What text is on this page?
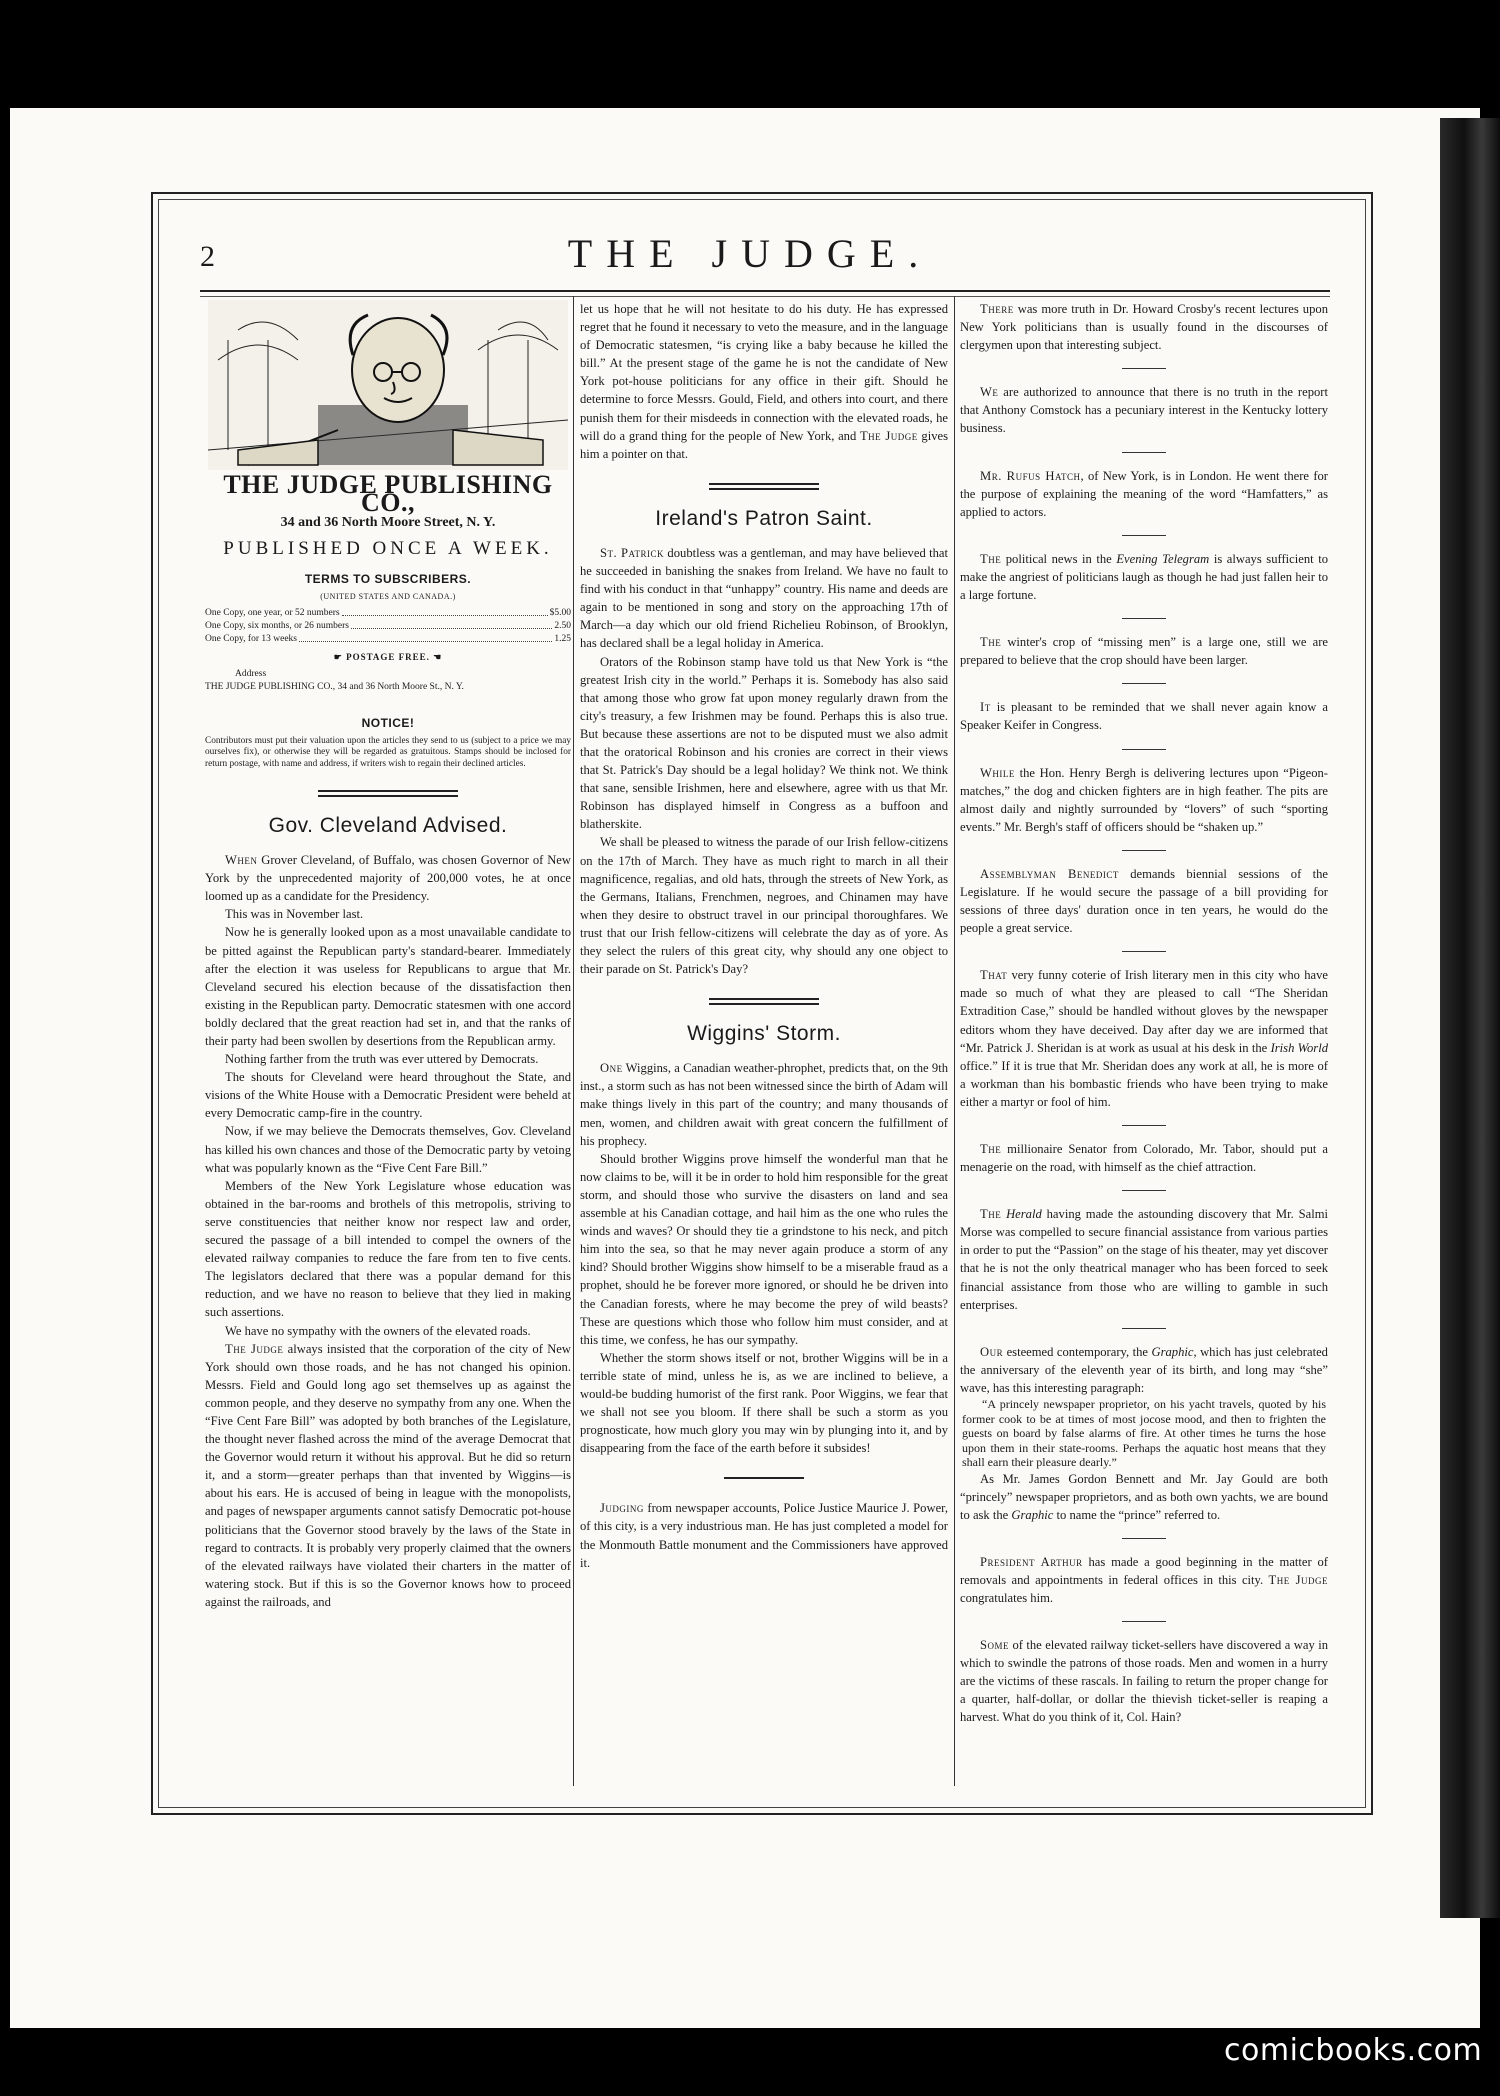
2	THE JUDGE.
THE JUDGE PUBLISHING CO.,
34 and 36 North Moore Street, N. Y.
PUBLISHED ONCE A WEEK.
TERMS TO SUBSCRIBERS.
(UNITED STATES AND CANADA.)
One Copy, one year, or 52 numbers	$5.00
One Copy, six months, or 26 numbers	2.50
One Copy, for 13 weeks	1.25
☛ POSTAGE FREE. ☚
Address
THE JUDGE PUBLISHING CO., 34 and 36 North Moore St., N. Y.
NOTICE!
Contributors must put their valuation upon the articles they send to us (subject to a price we may ourselves fix), or otherwise they will be regarded as gratuitous. Stamps should be inclosed for return postage, with name and address, if writers wish to regain their declined articles.
Gov. Cleveland Advised.

When Grover Cleveland, of Buffalo, was chosen Governor of New York by the unprecedented majority of 200,000 votes, he at once loomed up as a candidate for the Presidency.

This was in November last.

Now he is generally looked upon as a most unavailable candidate to be pitted against the Republican party's standard-bearer. Immediately after the election it was useless for Republicans to argue that Mr. Cleveland secured his election because of the dissatisfaction then existing in the Republican party. Democratic statesmen with one accord boldly declared that the great reaction had set in, and that the ranks of their party had been swollen by desertions from the Republican army.

Nothing farther from the truth was ever uttered by Democrats.

The shouts for Cleveland were heard throughout the State, and visions of the White House with a Democratic President were beheld at every Democratic camp-fire in the country.

Now, if we may believe the Democrats themselves, Gov. Cleveland has killed his own chances and those of the Democratic party by vetoing what was popularly known as the “Five Cent Fare Bill.”

Members of the New York Legislature whose education was obtained in the bar-rooms and brothels of this metropolis, striving to serve constituencies that neither know nor respect law and order, secured the passage of a bill intended to compel the owners of the elevated railway companies to reduce the fare from ten to five cents. The legislators declared that there was a popular demand for this reduction, and we have no reason to believe that they lied in making such assertions.

We have no sympathy with the owners of the elevated roads.

The Judge always insisted that the corporation of the city of New York should own those roads, and he has not changed his opinion. Messrs. Field and Gould long ago set themselves up as against the common people, and they deserve no sympathy from any one. When the “Five Cent Fare Bill” was adopted by both branches of the Legislature, the thought never flashed across the mind of the average Democrat that the Governor would return it without his approval. But he did so return it, and a storm—greater perhaps than that invented by Wiggins—is about his ears. He is accused of being in league with the monopolists, and pages of newspaper arguments cannot satisfy Democratic pot-house politicians that the Governor stood bravely by the laws of the State in regard to contracts. It is probably very properly claimed that the owners of the elevated railways have violated their charters in the matter of watering stock. But if this is so the Governor knows how to proceed against the railroads, and

let us hope that he will not hesitate to do his duty. He has expressed regret that he found it necessary to veto the measure, and in the language of Democratic statesmen, “is crying like a baby because he killed the bill.” At the present stage of the game he is not the candidate of New York pot-house politicians for any office in their gift. Should he determine to force Messrs. Gould, Field, and others into court, and there punish them for their misdeeds in connection with the elevated roads, he will do a grand thing for the people of New York, and The Judge gives him a pointer on that.

Ireland's Patron Saint.

St. Patrick doubtless was a gentleman, and may have believed that he succeeded in banishing the snakes from Ireland. We have no fault to find with his conduct in that “unhappy” country. His name and deeds are again to be mentioned in song and story on the approaching 17th of March—a day which our old friend Richelieu Robinson, of Brooklyn, has declared shall be a legal holiday in America.

Orators of the Robinson stamp have told us that New York is “the greatest Irish city in the world.” Perhaps it is. Somebody has also said that among those who grow fat upon money regularly drawn from the city's treasury, a few Irishmen may be found. Perhaps this is also true. But because these assertions are not to be disputed must we also admit that the oratorical Robinson and his cronies are correct in their views that St. Patrick's Day should be a legal holiday? We think not. We think that sane, sensible Irishmen, here and elsewhere, agree with us that Mr. Robinson has displayed himself in Congress as a buffoon and blatherskite.

We shall be pleased to witness the parade of our Irish fellow-citizens on the 17th of March. They have as much right to march in all their magnificence, regalias, and old hats, through the streets of New York, as the Germans, Italians, Frenchmen, negroes, and Chinamen may have when they desire to obstruct travel in our principal thoroughfares. We trust that our Irish fellow-citizens will celebrate the day as of yore. As they select the rulers of this great city, why should any one object to their parade on St. Patrick's Day?

Wiggins' Storm.

One Wiggins, a Canadian weather-phrophet, predicts that, on the 9th inst., a storm such as has not been witnessed since the birth of Adam will make things lively in this part of the country; and many thousands of men, women, and children await with great concern the fulfillment of his prophecy.

Should brother Wiggins prove himself the wonderful man that he now claims to be, will it be in order to hold him responsible for the great storm, and should those who survive the disasters on land and sea assemble at his Canadian cottage, and hail him as the one who rules the winds and waves? Or should they tie a grindstone to his neck, and pitch him into the sea, so that he may never again produce a storm of any kind? Should brother Wiggins show himself to be a miserable fraud as a prophet, should he be forever more ignored, or should he be driven into the Canadian forests, where he may become the prey of wild beasts? These are questions which those who follow him must consider, and at this time, we confess, he has our sympathy.

Whether the storm shows itself or not, brother Wiggins will be in a terrible state of mind, unless he is, as we are inclined to believe, a would-be budding humorist of the first rank. Poor Wiggins, we fear that we shall not see you bloom. If there shall be such a storm as you prognosticate, how much glory you may win by plunging into it, and by disappearing from the face of the earth before it subsides!

Judging from newspaper accounts, Police Justice Maurice J. Power, of this city, is a very industrious man. He has just completed a model for the Monmouth Battle monument and the Commissioners have approved it.

There was more truth in Dr. Howard Crosby's recent lectures upon New York politicians than is usually found in the discourses of clergymen upon that interesting subject.

We are authorized to announce that there is no truth in the report that Anthony Comstock has a pecuniary interest in the Kentucky lottery business.

Mr. Rufus Hatch, of New York, is in London. He went there for the purpose of explaining the meaning of the word “Hamfatters,” as applied to actors.

The political news in the Evening Telegram is always sufficient to make the angriest of politicians laugh as though he had just fallen heir to a large fortune.

The winter's crop of “missing men” is a large one, still we are prepared to believe that the crop should have been larger.

It is pleasant to be reminded that we shall never again know a Speaker Keifer in Congress.

While the Hon. Henry Bergh is delivering lectures upon “Pigeon-matches,” the dog and chicken fighters are in high feather. The pits are almost daily and nightly surrounded by “lovers” of such “sporting events.” Mr. Bergh's staff of officers should be “shaken up.”

Assemblyman Benedict demands biennial sessions of the Legislature. If he would secure the passage of a bill providing for sessions of three days' duration once in ten years, he would do the people a great service.

That very funny coterie of Irish literary men in this city who have made so much of what they are pleased to call “The Sheridan Extradition Case,” should be handled without gloves by the newspaper editors whom they have deceived. Day after day we are informed that “Mr. Patrick J. Sheridan is at work as usual at his desk in the Irish World office.” If it is true that Mr. Sheridan does any work at all, he is more of a workman than his bombastic friends who have been trying to make either a martyr or fool of him.

The millionaire Senator from Colorado, Mr. Tabor, should put a menagerie on the road, with himself as the chief attraction.

The Herald having made the astounding discovery that Mr. Salmi Morse was compelled to secure financial assistance from various parties in order to put the “Passion” on the stage of his theater, may yet discover that he is not the only theatrical manager who has been forced to seek financial assistance from those who are willing to gamble in such enterprises.

Our esteemed contemporary, the Graphic, which has just celebrated the anniversary of the eleventh year of its birth, and long may “she” wave, has this interesting paragraph:

“A princely newspaper proprietor, on his yacht travels, quoted by his former cook to be at times of most jocose mood, and then to frighten the guests on board by false alarms of fire. At other times he turns the hose upon them in their state-rooms. Perhaps the aquatic host means that they shall earn their pleasure dearly.”

As Mr. James Gordon Bennett and Mr. Jay Gould are both “princely” newspaper proprietors, and as both own yachts, we are bound to ask the Graphic to name the “prince” referred to.

President Arthur has made a good beginning in the matter of removals and appointments in federal offices in this city. The Judge congratulates him.

Some of the elevated railway ticket-sellers have discovered a way in which to swindle the patrons of those roads. Men and women in a hurry are the victims of these rascals. In failing to return the proper change for a quarter, half-dollar, or dollar the thievish ticket-seller is reaping a harvest. What do you think of it, Col. Hain?

comicbooks.com
